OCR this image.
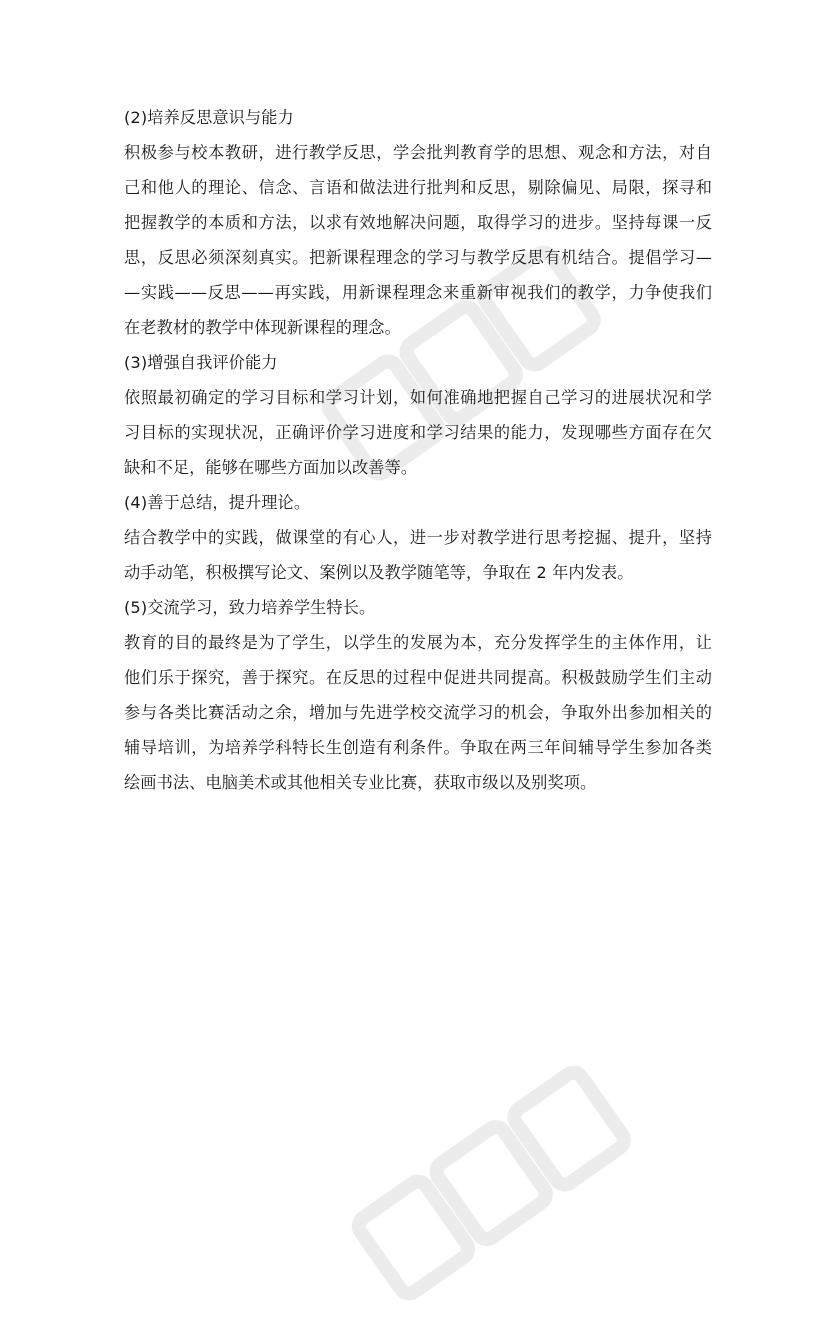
(2)培养反思意识与能力
积极参与校本教研，进行教学反思，学会批判教育学的思想、观念和方法，对自
己和他人的理论、信念、言语和做法进行批判和反思，剔除偏见、局限，探寻和
把握教学的本质和方法，以求有效地解决问题，取得学习的进步。坚持每课一反
思，反思必须深刻真实。把新课程理念的学习与教学反思有机结合。提倡学习—
—实践——反思——再实践，用新课程理念来重新审视我们的教学，力争使我们
在老教材的教学中体现新课程的理念。
(3)增强自我评价能力
依照最初确定的学习目标和学习计划，如何准确地把握自己学习的进展状况和学
习目标的实现状况，正确评价学习进度和学习结果的能力，发现哪些方面存在欠
缺和不足，能够在哪些方面加以改善等。
(4)善于总结，提升理论。
结合教学中的实践，做课堂的有心人，进一步对教学进行思考挖掘、提升，坚持
动手动笔，积极撰写论文、案例以及教学随笔等，争取在 2 年内发表。
(5)交流学习，致力培养学生特长。
教育的目的最终是为了学生，以学生的发展为本，充分发挥学生的主体作用，让
他们乐于探究，善于探究。在反思的过程中促进共同提高。积极鼓励学生们主动
参与各类比赛活动之余，增加与先进学校交流学习的机会，争取外出参加相关的
辅导培训，为培养学科特长生创造有利条件。争取在两三年间辅导学生参加各类
绘画书法、电脑美术或其他相关专业比赛，获取市级以及别奖项。
